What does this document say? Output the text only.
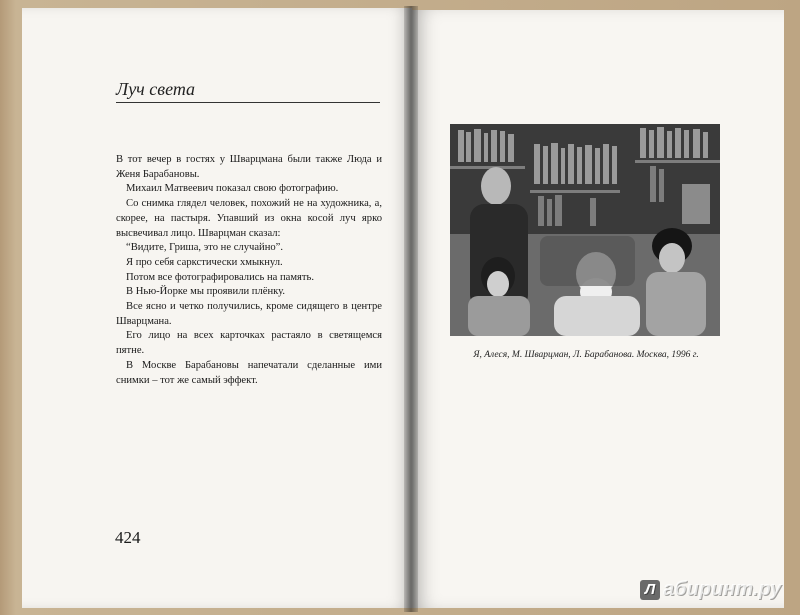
Луч света

В тот вечер в гостях у Шварцмана были также Люда и Женя Барабановы.

Михаил Матвеевич показал свою фотографию.

Со снимка глядел человек, похожий не на художника, а, скорее, на пастыря. Упавший из окна косой луч ярко высвечивал лицо. Шварцман сказал:

“Видите, Гриша, это не случайно”.

Я про себя саркстически хмыкнул.

Потом все фотографировались на память.

В Нью-Йорке мы проявили плёнку.

Все ясно и четко получились, кроме сидящего в центре Шварцмана.

Его лицо на всех карточках растаяло в светящемся пятне.

В Москве Барабановы напечатали сделанные ими снимки – тот же самый эффект.

424
Я, Алеся, М. Шварцман, Л. Барабанова. Москва, 1996 г.
Л абиринт.ру
